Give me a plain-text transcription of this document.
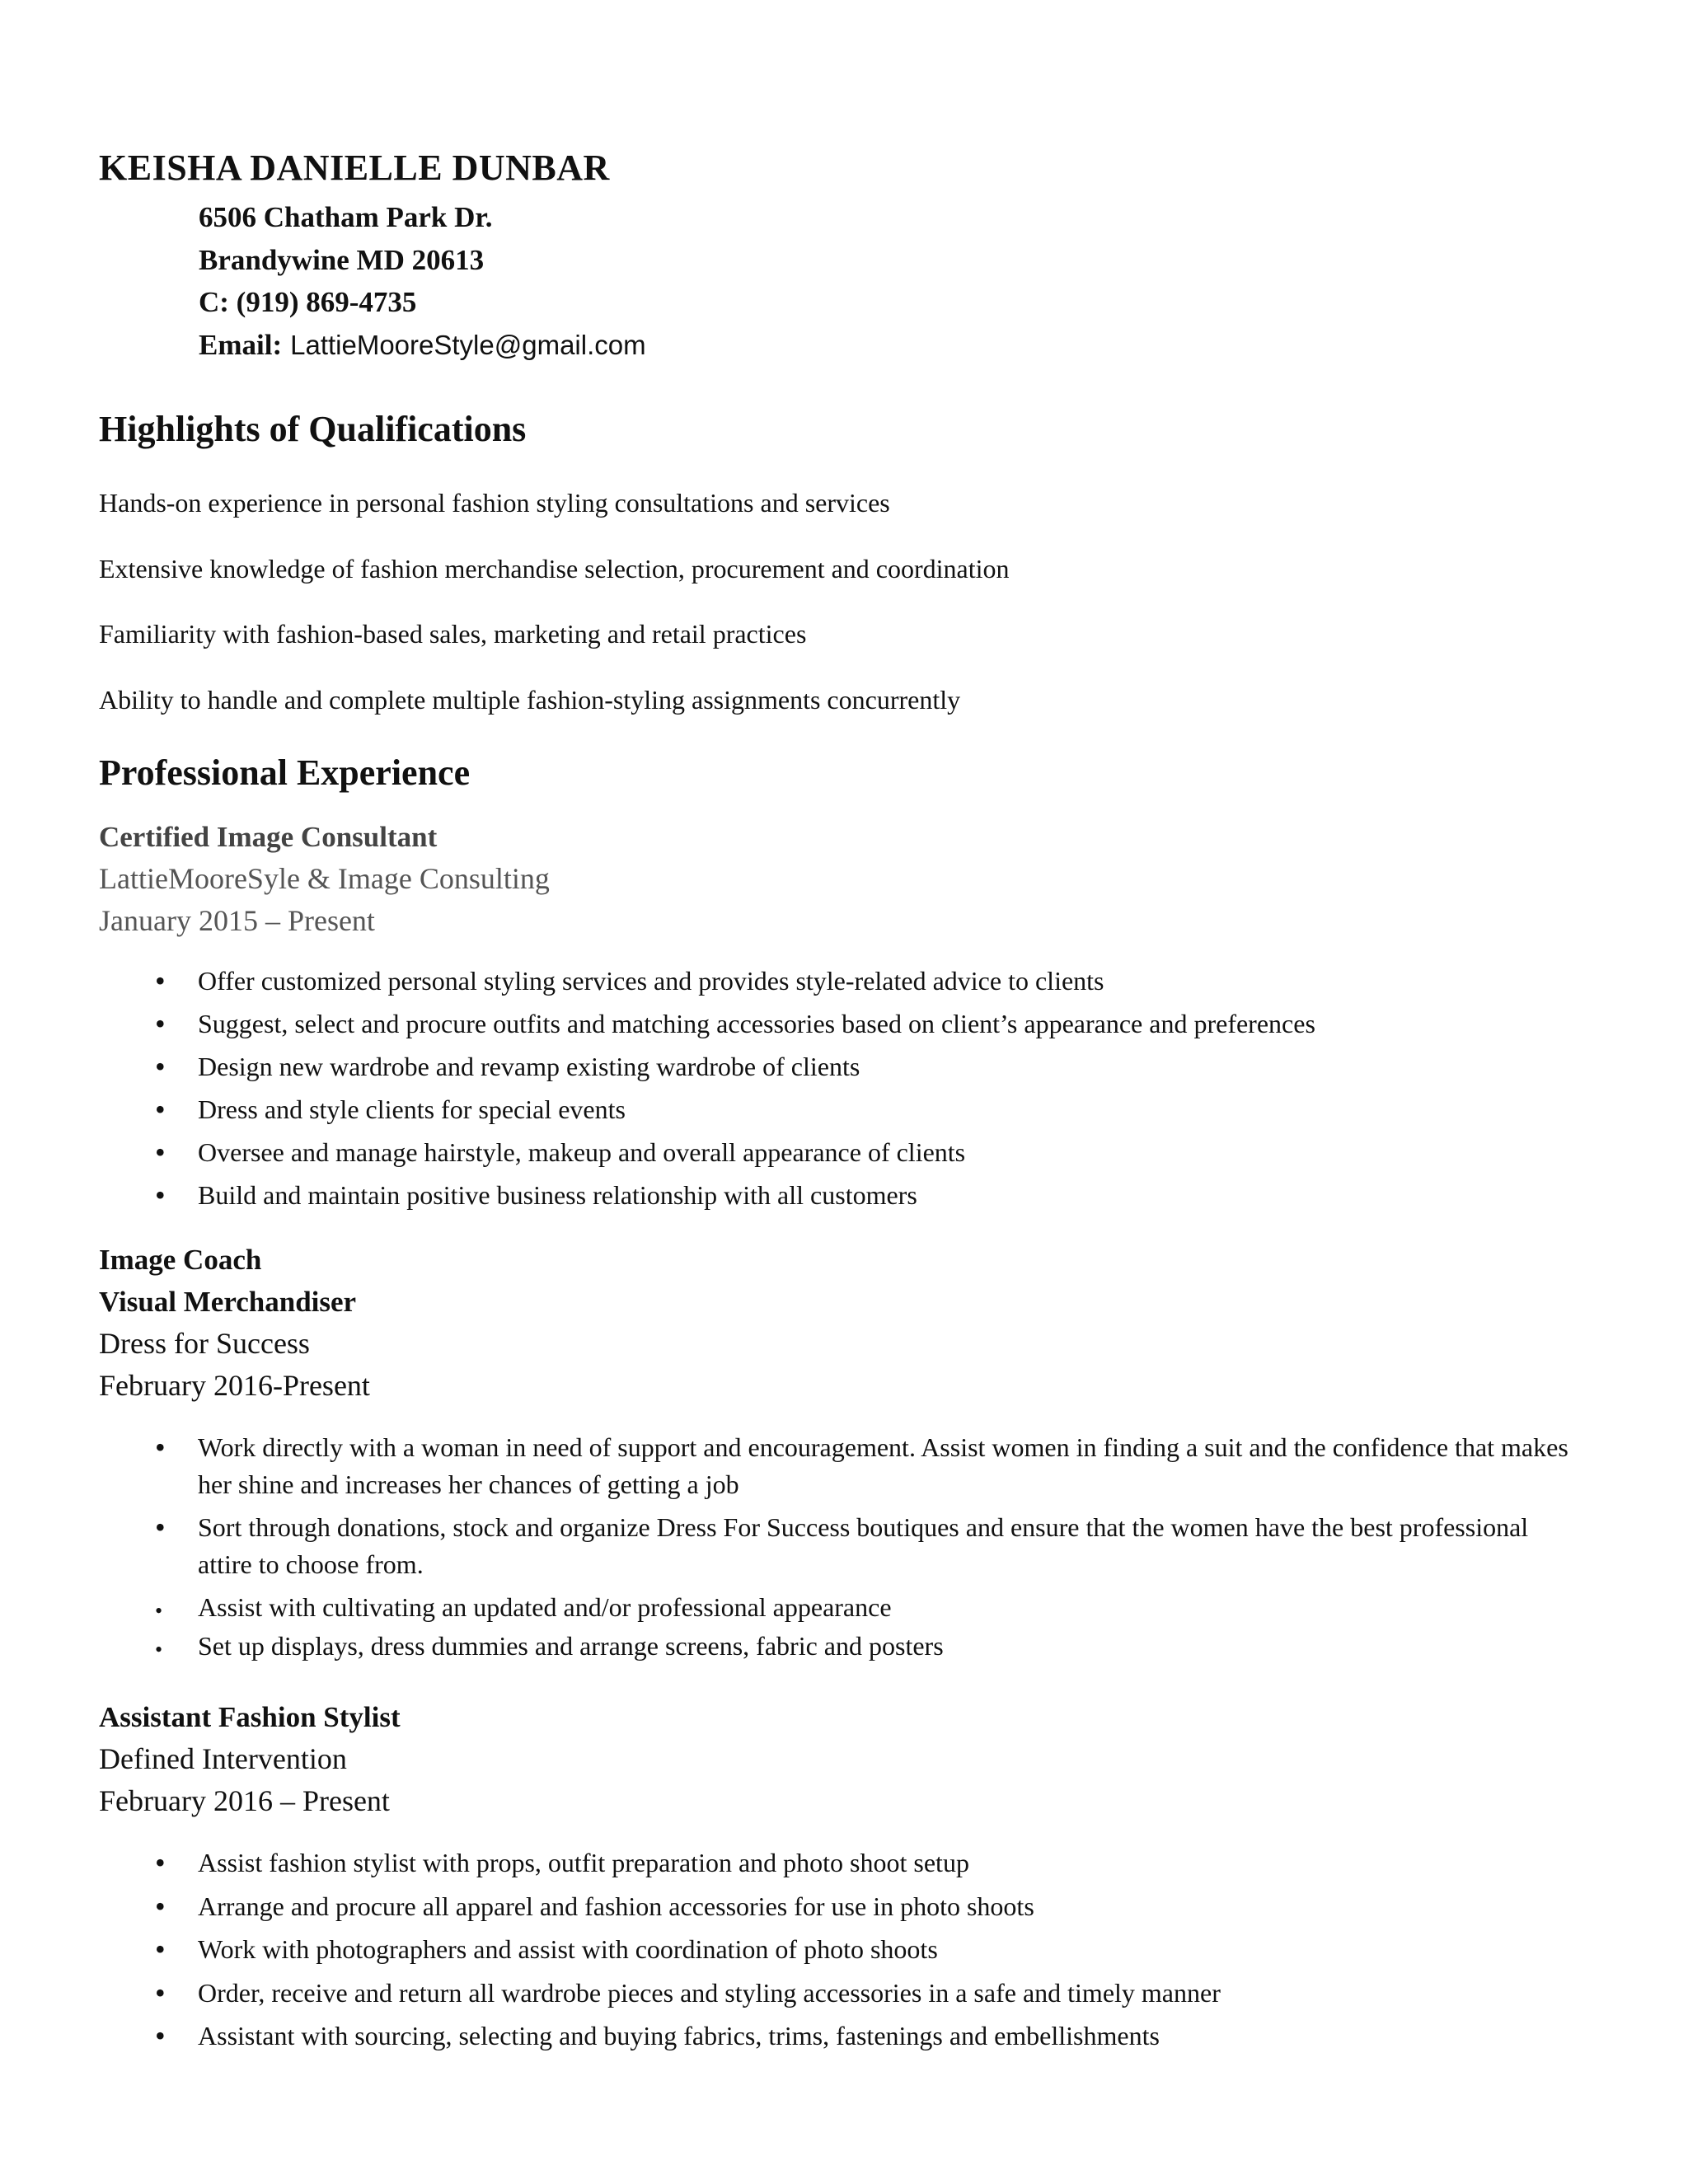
KEISHA DANIELLE DUNBAR
6506 Chatham Park Dr.
Brandywine MD 20613
C: (919) 869-4735
Email: LattieMooreStyle@gmail.com
Highlights of Qualifications
Hands-on experience in personal fashion styling consultations and services
Extensive knowledge of fashion merchandise selection, procurement and coordination
Familiarity with fashion-based sales, marketing and retail practices
Ability to handle and complete multiple fashion-styling assignments concurrently
Professional Experience
Certified Image Consultant
LattieMooreSyle & Image Consulting
January 2015 – Present
• Offer customized personal styling services and provides style-related advice to clients
• Suggest, select and procure outfits and matching accessories based on client’s appearance and preferences
• Design new wardrobe and revamp existing wardrobe of clients
• Dress and style clients for special events
• Oversee and manage hairstyle, makeup and overall appearance of clients
• Build and maintain positive business relationship with all customers
Image Coach
Visual Merchandiser
Dress for Success
February 2016-Present
• Work directly with a woman in need of support and encouragement. Assist women in finding a suit and the confidence that makes her shine and increases her chances of getting a job
• Sort through donations, stock and organize Dress For Success boutiques and ensure that the women have the best professional attire to choose from.
• Assist with cultivating an updated and/or professional appearance
• Set up displays, dress dummies and arrange screens, fabric and posters
Assistant Fashion Stylist
Defined Intervention
February 2016 – Present
• Assist fashion stylist with props, outfit preparation and photo shoot setup
• Arrange and procure all apparel and fashion accessories for use in photo shoots
• Work with photographers and assist with coordination of photo shoots
• Order, receive and return all wardrobe pieces and styling accessories in a safe and timely manner
• Assistant with sourcing, selecting and buying fabrics, trims, fastenings and embellishments
